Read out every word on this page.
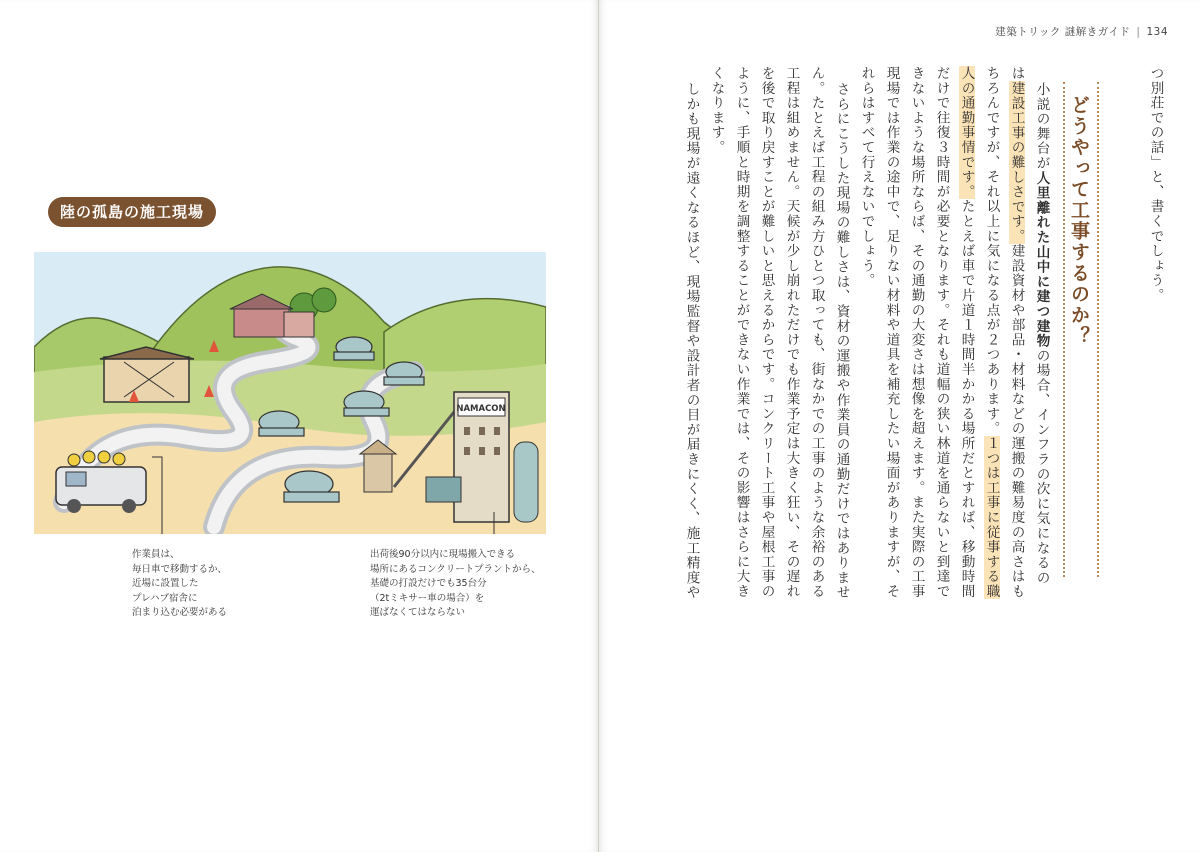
陸の孤島の施工現場
NAMACON
作業員は、
毎日車で移動するか、
近場に設置した
プレハブ宿舎に
泊まり込む必要がある
出荷後90分以内に現場搬入できる
場所にあるコンクリートプラントから、
基礎の打設だけでも35台分
（2tミキサー車の場合）を
運ばなくてはならない
建築トリック 謎解きガイド | 134
つ別荘での話」と、書くでしょう。
どうやって工事するのか？
小説の舞台が人里離れた山中に建つ建物の場合、インフラの次に気になるの
は建設工事の難しさです。建設資材や部品・材料などの運搬の難易度の高さはも
ちろんですが、それ以上に気になる点が２つあります。１つは工事に従事する職
人の通勤事情です。たとえば車で片道１時間半かかる場所だとすれば、移動時間
だけで往復３時間が必要となります。それも道幅の狭い林道を通らないと到達で
きないような場所ならば、その通勤の大変さは想像を超えます。また実際の工事
現場では作業の途中で、足りない材料や道具を補充したい場面がありますが、そ
れらはすべて行えないでしょう。
さらにこうした現場の難しさは、資材の運搬や作業員の通勤だけではありませ
ん。たとえば工程の組み方ひとつ取っても、街なかでの工事のような余裕のある
工程は組めません。天候が少し崩れただけでも作業予定は大きく狂い、その遅れ
を後で取り戻すことが難しいと思えるからです。コンクリート工事や屋根工事の
ように、手順と時期を調整することができない作業では、その影響はさらに大き
くなります。
しかも現場が遠くなるほど、現場監督や設計者の目が届きにくく、施工精度や
